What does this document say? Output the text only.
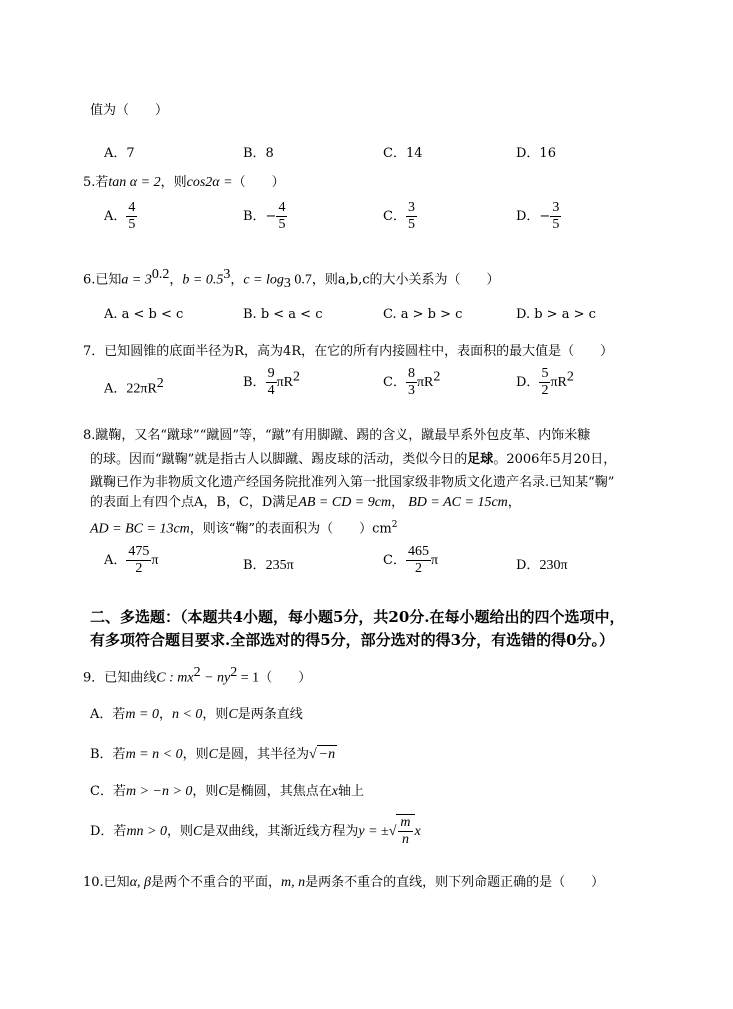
值为（　　）
A．7	B．8	C．14	D．16
5.若tan α = 2，则cos2α =（　　）
A． $\frac{4}{5}$	B．− $\frac{4}{5}$	C． $\frac{3}{5}$	D．− $\frac{3}{5}$
6.已知$a = 3^{0.2}$，$b = 0.5^3$，$c = \log_3 0.7$，则a,b,c的大小关系为（　　）
A. a < b < c	B. b < a < c	C. a > b > c	D. b > a > c
7．已知圆锥的底面半径为R，高为4R，在它的所有内接圆柱中，表面积的最大值是（　　）
A．$22\pi R^2$	B． $\frac{9}{4} \pi R^2$	C． $\frac{8}{3} \pi R^2$	D． $\frac{5}{2} \pi R^2$
8.蹴鞠，又名“蹴球”“蹴圆”等，“蹴”有用脚蹴、踢的含义，蹴最早系外包皮革、内饰米糠
的球。因而“蹴鞠”就是指古人以脚蹴、踢皮球的活动，类似今日的足球。2006年5月20日，
蹴鞠已作为非物质文化遗产经国务院批准列入第一批国家级非物质文化遗产名录.已知某“鞠”
的表面上有四个点A，B，C，D满足AB = CD = 9cm， BD = AC = 15cm，
AD = BC = 13cm，则该“鞠”的表面积为（　　）$cm^2$
A． $\frac{475}{2}$ π	B．235π	C． $\frac{465}{2}$ π	D．230π
二、多选题：（本题共4小题，每小题5分，共20分.在每小题给出的四个选项中，
有多项符合题目要求.全部选对的得5分，部分选对的得3分，有选错的得0分。）
9．已知曲线C : $mx^2 - ny^2 = 1$（　　）
A．若m = 0，n < 0，则C是两条直线
B．若m = n < 0，则C是圆，其半径为√ −n
C．若m > −n > 0，则C是椭圆，其焦点在x轴上
D．若mn > 0，则C是双曲线，其渐近线方程为y = ±√ $\frac{m}{n}$ x
10.已知α, β是两个不重合的平面，m, n是两条不重合的直线，则下列命题正确的是（　　）
